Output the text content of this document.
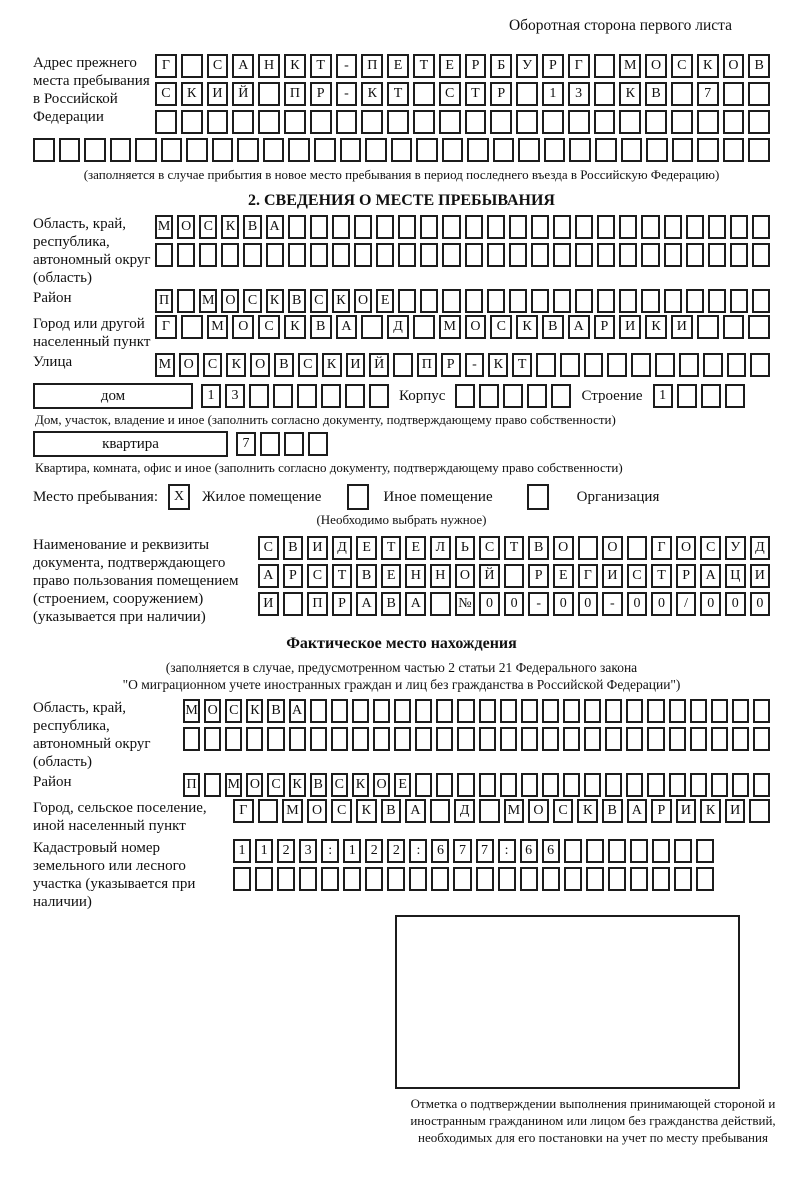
Оборотная сторона первого листа
Адрес прежнего места пребывания в Российской Федерации
Г	С	А	Н	К	Т	-	П	Е	Т	Е	Р	Б	У	Р	Г	М	О	С	К	О	В
С	К	И	Й	П	Р	-	К	Т	С	Т	Р	1	3	К	В	7
(заполняется в случае прибытия в новое место пребывания в период последнего въезда в Российскую Федерацию)
2. СВЕДЕНИЯ О МЕСТЕ ПРЕБЫВАНИЯ
Область, край, республика, автономный округ (область)
М О С К В А
Район	П М О С К В С К О Е
Город или другой населенный пункт
Г	М	О	С	К	В	А	Д	М	О	С	К	В	А	Р	И	К	И
Улица	М О	С	К	О	В	С	К	И Й	П	Р	-	К	Т
дом	1	3	Корпус	Строение	1
Дом, участок, владение и иное (заполнить согласно документу, подтверждающему право собственности)
квартира	7
Квартира, комната, офис и иное (заполнить согласно документу, подтверждающему право собственности)
Место пребывания:	X	Жилое помещение	Иное помещение	Организация
(Необходимо выбрать нужное)
Наименование и реквизиты документа, подтверждающего право пользования помещением (строением, сооружением) (указывается при наличии)
С	В	И	Д	Е	Т	Е	Л	Ь	С	Т	В	О	О	Г	О	С	У	Д
А	Р	С	Т	В	Е	Н	Н	О	Й	Р	Е	Г	И	С	Т	Р	А	Ц	И
И	П	Р	А	В	А	№	0	0	-	0	0	-	0	0	/	0	0	0
Фактическое место нахождения
(заполняется в случае, предусмотренном частью 2 статьи 21 Федерального закона
"О миграционном учете иностранных граждан и лиц без гражданства в Российской Федерации")
Область, край, республика, автономный округ (область)
М О С К В А
Район	П М О С К В С К О Е
Город, сельское поселение, иной населенный пункт
Г	М О	С	К	В	А	Д	М О	С	К	В	А	Р	И	К	И
Кадастровый номер земельного или лесного участка (указывается при наличии)
1	1	2	3	:	1	2	2	:	6	7	7	:	6	6
Отметка о подтверждении выполнения принимающей стороной и иностранным гражданином или лицом без гражданства действий, необходимых для его постановки на учет по месту пребывания
